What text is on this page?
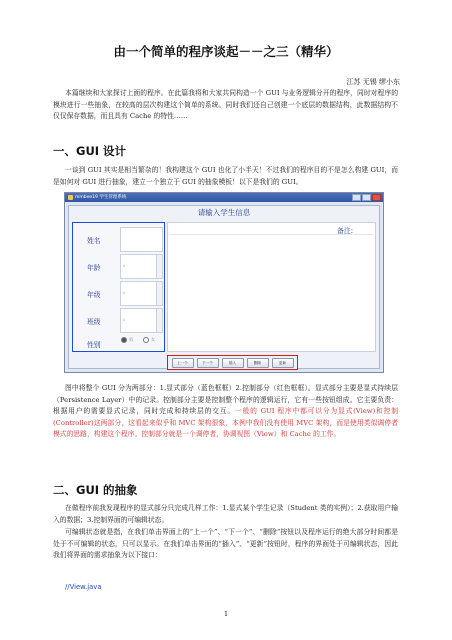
由一个简单的程序谈起－－之三（精华）
江苏 无锡 缪小东
本篇继续和大家探讨上面的程序。在此篇我将和大家共同构造一个 GUI 与业务逻辑分开的程序，同时对程序的模块进行一些抽象，在较高的层次构建这个简单的系统。同时我们还自己创建一个底层的数据结构，此数据结构不仅仅保存数据，而且具有 Cache 的特性……
一、GUI 设计
一谈到 GUI 其实是相当繁杂的！我构建这个 GUI 也化了小半天！不过我们的程序目的不是怎么构建 GUI，而是如何对 GUI 进行抽象，建立一个独立于 GUI 的抽象模板！以下是我们的 GUI。
mmbee19 学生管理系统
请输入学生信息
姓名
年龄	0
年级	0
班级	0
性别
男	女
备注:
上一个	下一个	插入	删除	更新
图中将整个 GUI 分为两部分：1.显式部分（蓝色框框）2.控制部分（红色框框）。显式部分主要是显式持续层（Persistence Layer）中的记录。控制部分主要是控制整个程序的逻辑运行，它有一些按钮组成。它主要负责：根据用户的需要显式记录，同时完成和持续层的交互。一般的 GUI 程序中都可以分为显式(View)和控制(Controller)这两部分，这看起来似乎和 MVC 架构很象，本例中我们没有使用 MVC 架构，而是使用类似调停者模式的思路，构建这个程序。控制部分就是一个调停者，协调视图（View）和 Cache 的工作。
二、GUI 的抽象
在做程序前我发现程序的显式部分只完成几样工作：1.显式某个学生记录（Student 类的实例）；2.获取用户输入的数据；3.控制界面的可编辑状态。
可编辑状态就是指，在我们单击界面上的“上一个”、“下一个”、“删除”按钮以及程序运行的绝大部分时间都是处于不可编辑的状态，只可以显示。在我们单击界面的“插入”、“更新”按钮时，程序的界面处于可编辑状态，因此我们将界面的需求抽象为以下接口：
//View.java
1
